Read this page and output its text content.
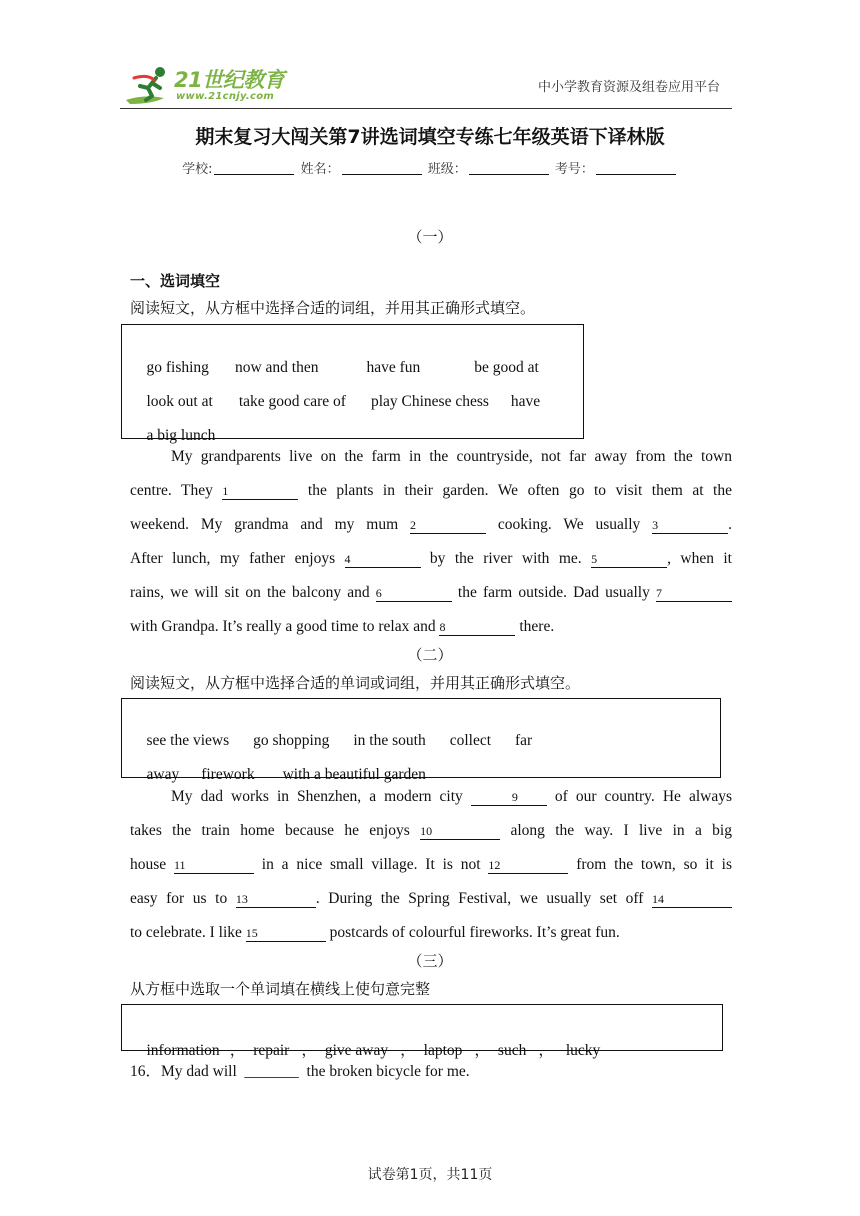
21世纪教育
www.21cnjy.com
中小学教育资源及组卷应用平台
期末复习大闯关第7讲选词填空专练七年级英语下译林版
学校:	姓名：	班级：	考号：
（一）
一、选词填空
阅读短文，从方框中选择合适的词组，并用其正确形式填空。

go fishing now and then	have fun	be good at

look out at take good care of play Chinese chess have

a big lunch

My grandparents live on the farm in the countryside, not far away from the town
centre. They 1	the plants in their garden. We often go to visit them at the
weekend. My grandma and my mum 2	cooking. We usually 3	.
After lunch, my father enjoys 4	by the river with me. 5	, when it
rains, we will sit on the balcony and 6	the farm outside. Dad usually 7
with Grandpa. It’s really a good time to relax and 8	there.
（二）
阅读短文，从方框中选择合适的单词或词组，并用其正确形式填空。

see the views go shopping in the south collect far

away firework with a beautiful garden

My dad works in Shenzhen, a modern city	9 of our country. He always
takes the train home because he enjoys 10	along the way. I live in a big
house 11	in a nice small village. It is not 12	from the town, so it is
easy for us to 13	. During the Spring Festival, we usually set off 14
to celebrate. I like 15	postcards of colourful fireworks. It’s great fun.
（三）
从方框中选取一个单词填在横线上使句意完整

information ， repair ， give away ， laptop ， such ， lucky

16．My dad will  _______  the broken bicycle for me.
试卷第1页，共11页
